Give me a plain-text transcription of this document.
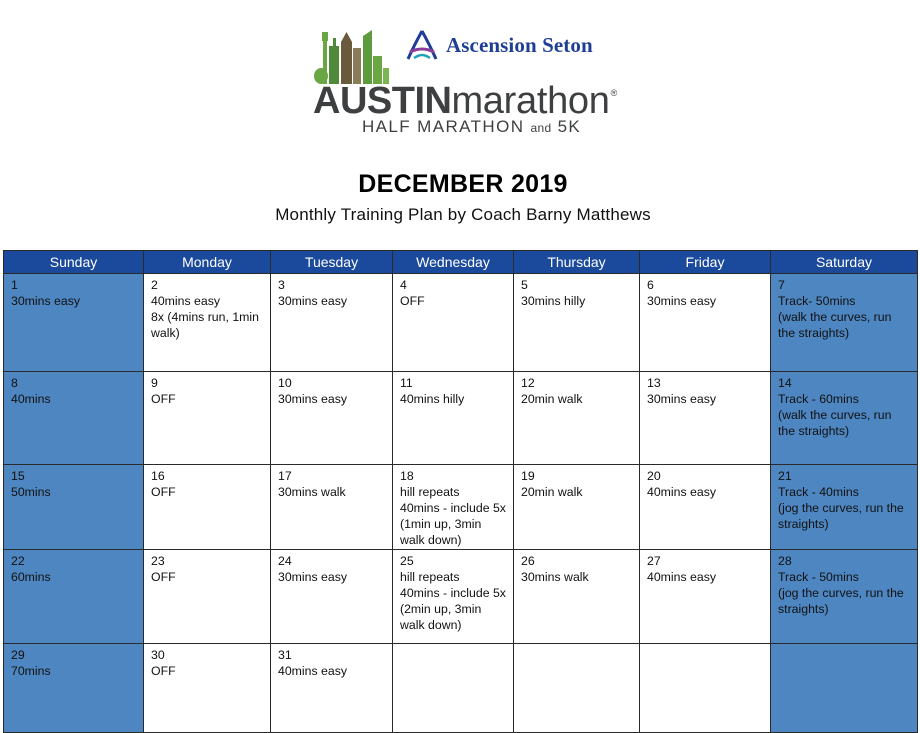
Ascension Seton
AUSTIN marathon ®
HALF MARATHON and 5K
DECEMBER 2019
Monthly Training Plan by Coach Barny Matthews
Sunday	Monday	Tuesday	Wednesday	Thursday	Friday	Saturday

1
30mins easy	2
40mins easy
8x (4mins run, 1min walk)	3
30mins easy	4
OFF	5
30mins hilly	6
30mins easy	7
Track- 50mins
(walk the curves, run the straights)

8
40mins	9
OFF	10
30mins easy	11
40mins hilly	12
20min walk	13
30mins easy	14
Track - 60mins
(walk the curves, run the straights)

15
50mins	16
OFF	17
30mins walk	18
hill repeats
40mins - include 5x (1min up, 3min walk down)	19
20min walk	20
40mins easy	21
Track - 40mins
(jog the curves, run the straights)

22
60mins	23
OFF	24
30mins easy	25
hill repeats
40mins - include 5x (2min up, 3min walk down)	26
30mins walk	27
40mins easy	28
Track - 50mins
(jog the curves, run the straights)

29
70mins	30
OFF	31
40mins easy				
